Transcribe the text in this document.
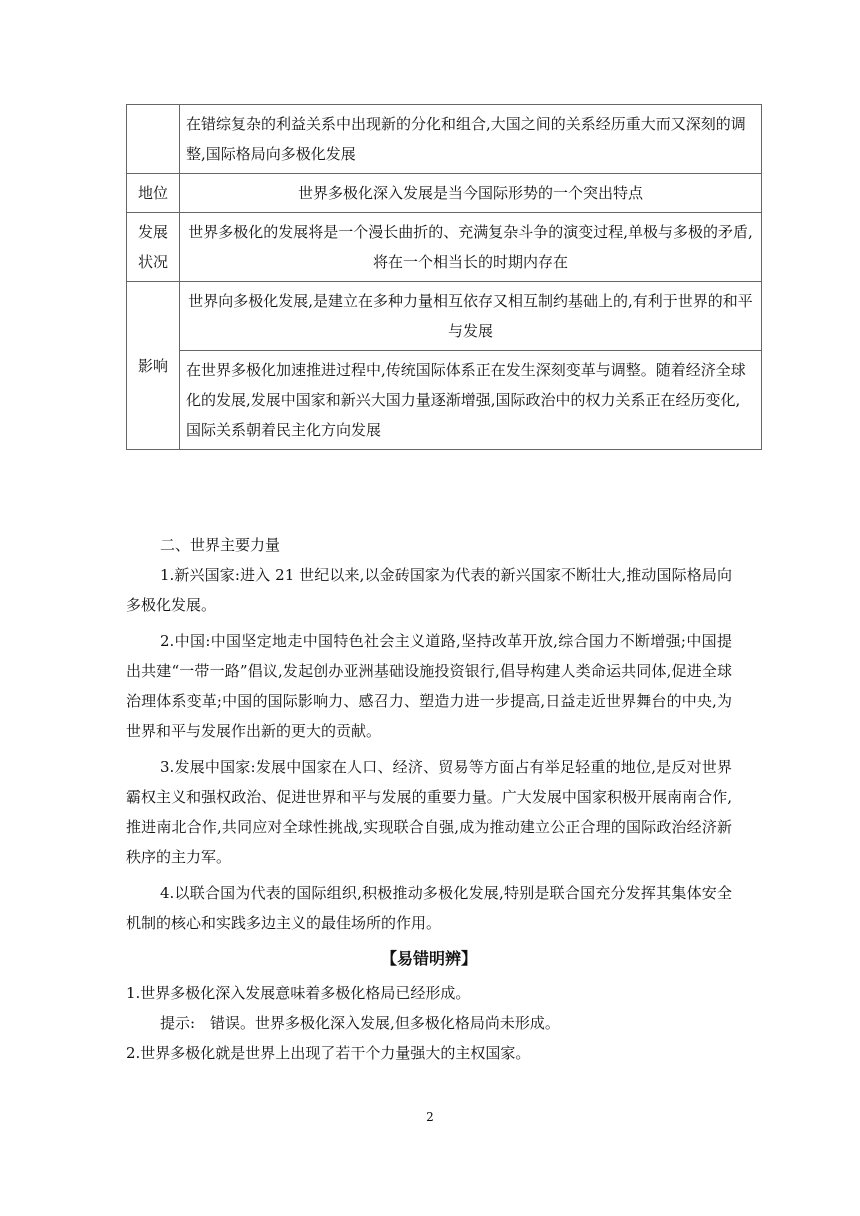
	在错综复杂的利益关系中出现新的分化和组合,大国之间的关系经历重大而又深刻的调整,国际格局向多极化发展
地位	世界多极化深入发展是当今国际形势的一个突出特点
发展状况	世界多极化的发展将是一个漫长曲折的、充满复杂斗争的演变过程,单极与多极的矛盾,将在一个相当长的时期内存在
影响	世界向多极化发展,是建立在多种力量相互依存又相互制约基础上的,有利于世界的和平与发展
	在世界多极化加速推进过程中,传统国际体系正在发生深刻变革与调整。随着经济全球化的发展,发展中国家和新兴大国力量逐渐增强,国际政治中的权力关系正在经历变化,国际关系朝着民主化方向发展

二、世界主要力量

1.新兴国家:进入 21 世纪以来,以金砖国家为代表的新兴国家不断壮大,推动国际格局向多极化发展。

2.中国:中国坚定地走中国特色社会主义道路,坚持改革开放,综合国力不断增强;中国提出共建“一带一路”倡议,发起创办亚洲基础设施投资银行,倡导构建人类命运共同体,促进全球治理体系变革;中国的国际影响力、感召力、塑造力进一步提高,日益走近世界舞台的中央,为世界和平与发展作出新的更大的贡献。

3.发展中国家:发展中国家在人口、经济、贸易等方面占有举足轻重的地位,是反对世界霸权主义和强权政治、促进世界和平与发展的重要力量。广大发展中国家积极开展南南合作,推进南北合作,共同应对全球性挑战,实现联合自强,成为推动建立公正合理的国际政治经济新秩序的主力军。

4.以联合国为代表的国际组织,积极推动多极化发展,特别是联合国充分发挥其集体安全机制的核心和实践多边主义的最佳场所的作用。

【易错明辨】

1.世界多极化深入发展意味着多极化格局已经形成。

提示:　错误。世界多极化深入发展,但多极化格局尚未形成。

2.世界多极化就是世界上出现了若干个力量强大的主权国家。

2
